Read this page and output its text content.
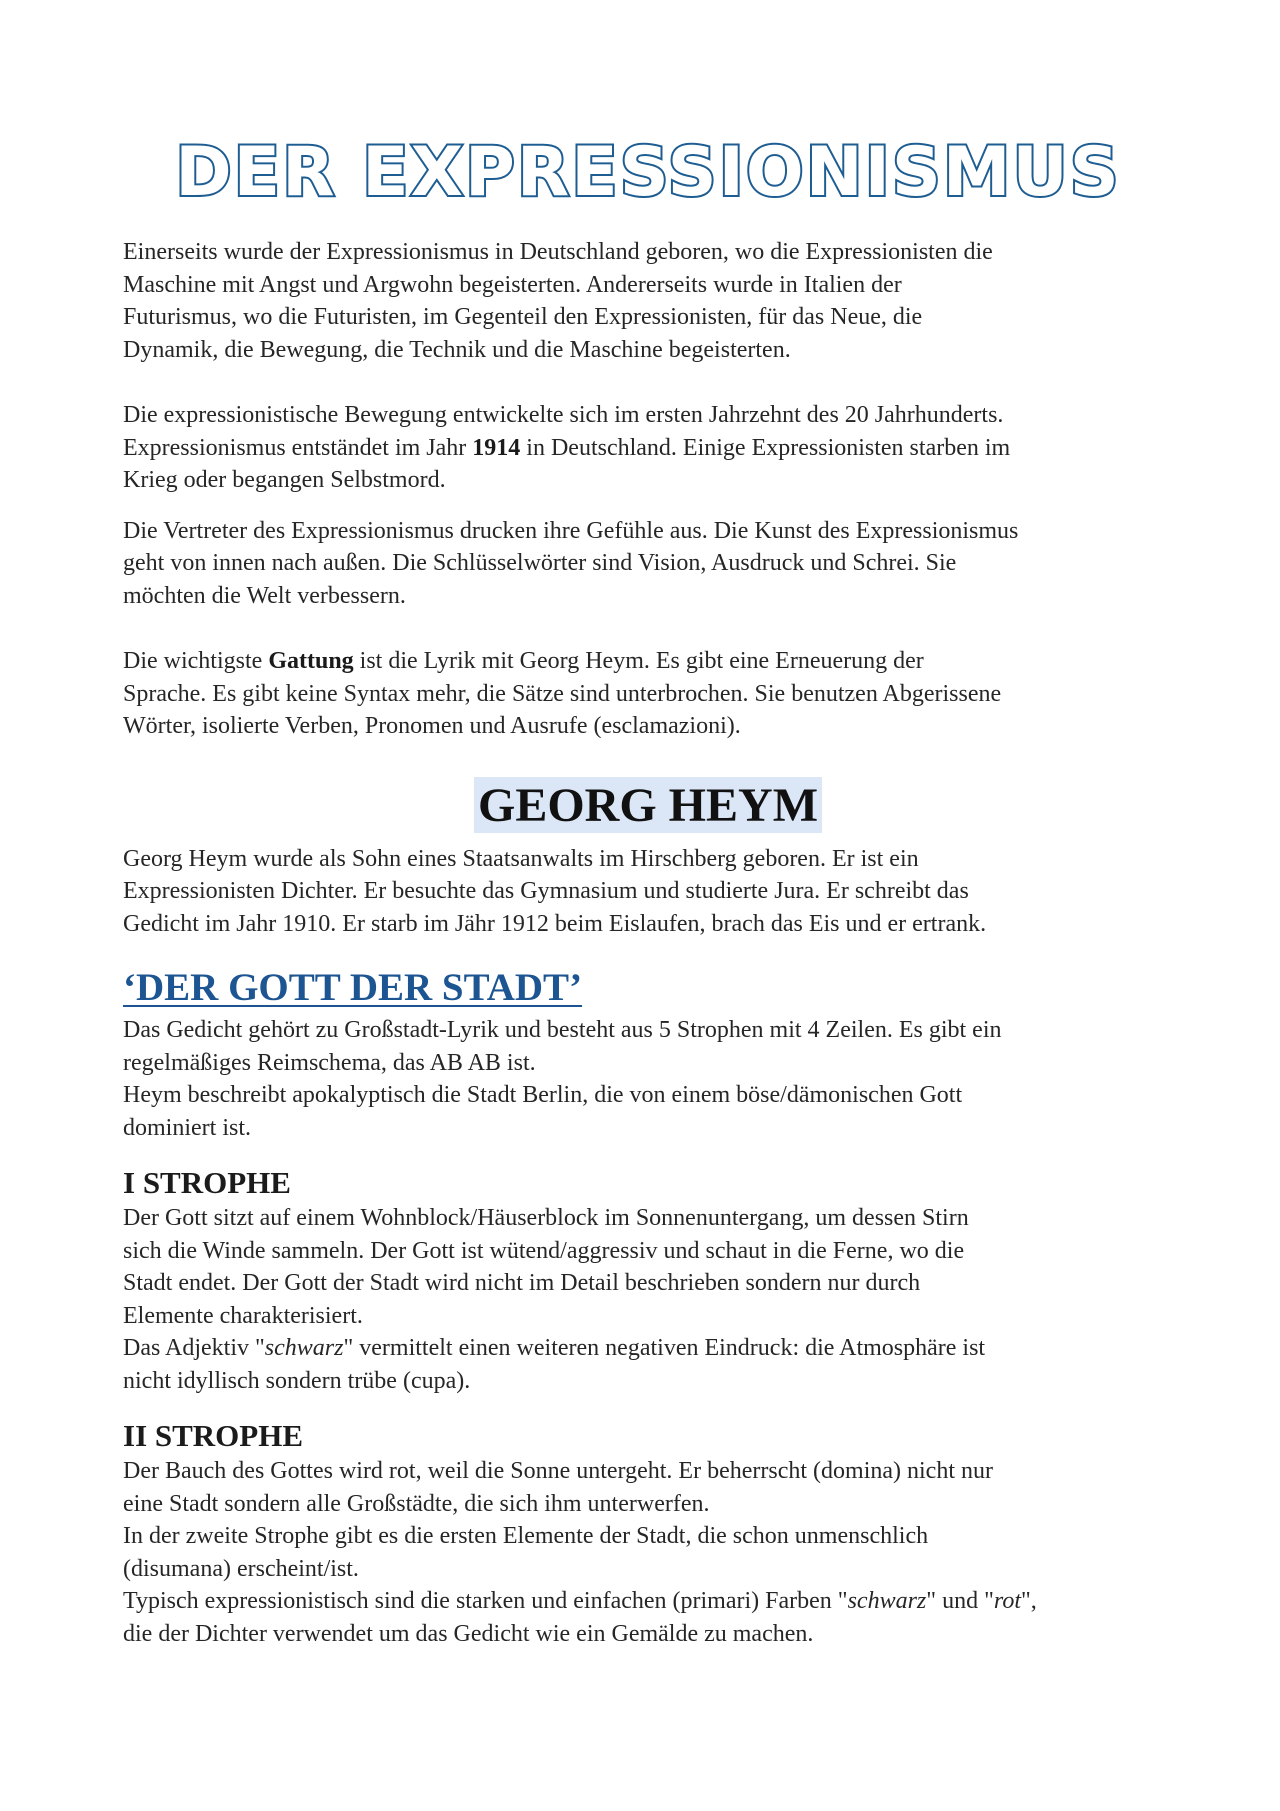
DER EXPRESSIONISMUS

Einerseits wurde der Expressionismus in Deutschland geboren, wo die Expressionisten die
Maschine mit Angst und Argwohn begeisterten. Andererseits wurde in Italien der
Futurismus, wo die Futuristen, im Gegenteil den Expressionisten, für das Neue, die
Dynamik, die Bewegung, die Technik und die Maschine begeisterten.

Die expressionistische Bewegung entwickelte sich im ersten Jahrzehnt des 20 Jahrhunderts.
Expressionismus entständet im Jahr 1914 in Deutschland. Einige Expressionisten starben im
Krieg oder begangen Selbstmord.

Die Vertreter des Expressionismus drucken ihre Gefühle aus. Die Kunst des Expressionismus
geht von innen nach außen. Die Schlüsselwörter sind Vision, Ausdruck und Schrei. Sie
möchten die Welt verbessern.

Die wichtigste Gattung ist die Lyrik mit Georg Heym. Es gibt eine Erneuerung der
Sprache. Es gibt keine Syntax mehr, die Sätze sind unterbrochen. Sie benutzen Abgerissene
Wörter, isolierte Verben, Pronomen und Ausrufe (esclamazioni).

GEORG HEYM

Georg Heym wurde als Sohn eines Staatsanwalts im Hirschberg geboren. Er ist ein
Expressionisten Dichter. Er besuchte das Gymnasium und studierte Jura. Er schreibt das
Gedicht im Jahr 1910. Er starb im Jähr 1912 beim Eislaufen, brach das Eis und er ertrank.

‘DER GOTT DER STADT’

Das Gedicht gehört zu Großstadt-Lyrik und besteht aus 5 Strophen mit 4 Zeilen. Es gibt ein
regelmäßiges Reimschema, das AB AB ist.
Heym beschreibt apokalyptisch die Stadt Berlin, die von einem böse/dämonischen Gott
dominiert ist.

I STROPHE

Der Gott sitzt auf einem Wohnblock/Häuserblock im Sonnenuntergang, um dessen Stirn
sich die Winde sammeln. Der Gott ist wütend/aggressiv und schaut in die Ferne, wo die
Stadt endet. Der Gott der Stadt wird nicht im Detail beschrieben sondern nur durch
Elemente charakterisiert.
Das Adjektiv "schwarz" vermittelt einen weiteren negativen Eindruck: die Atmosphäre ist
nicht idyllisch sondern trübe (cupa).

II STROPHE

Der Bauch des Gottes wird rot, weil die Sonne untergeht. Er beherrscht (domina) nicht nur
eine Stadt sondern alle Großstädte, die sich ihm unterwerfen.
In der zweite Strophe gibt es die ersten Elemente der Stadt, die schon unmenschlich
(disumana) erscheint/ist.
Typisch expressionistisch sind die starken und einfachen (primari) Farben "schwarz" und "rot",
die der Dichter verwendet um das Gedicht wie ein Gemälde zu machen.
